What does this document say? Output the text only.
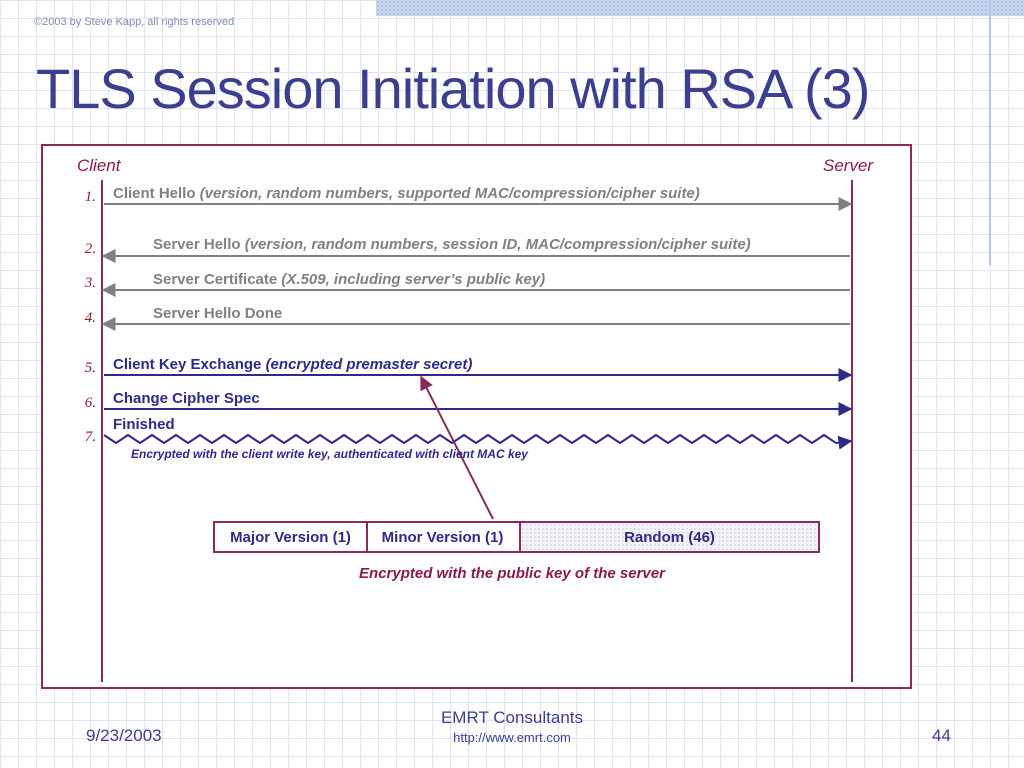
©2003 by Steve Kapp, all rights reserved
TLS Session Initiation with RSA (3)
Client	Server
1.
2.
3.
4.
5.
6.
7.
Client Hello (version, random numbers, supported MAC/compression/cipher suite)
Server Hello (version, random numbers, session ID, MAC/compression/cipher suite)
Server Certificate (X.509, including server’s public key)
Server Hello Done
Client Key Exchange (encrypted premaster secret)
Change Cipher Spec
Finished
Encrypted with the client write key, authenticated with client MAC key
Major Version (1)	Minor Version (1)	Random (46)
Encrypted with the public key of the server
9/23/2003
EMRT Consultants
http://www.emrt.com	44
